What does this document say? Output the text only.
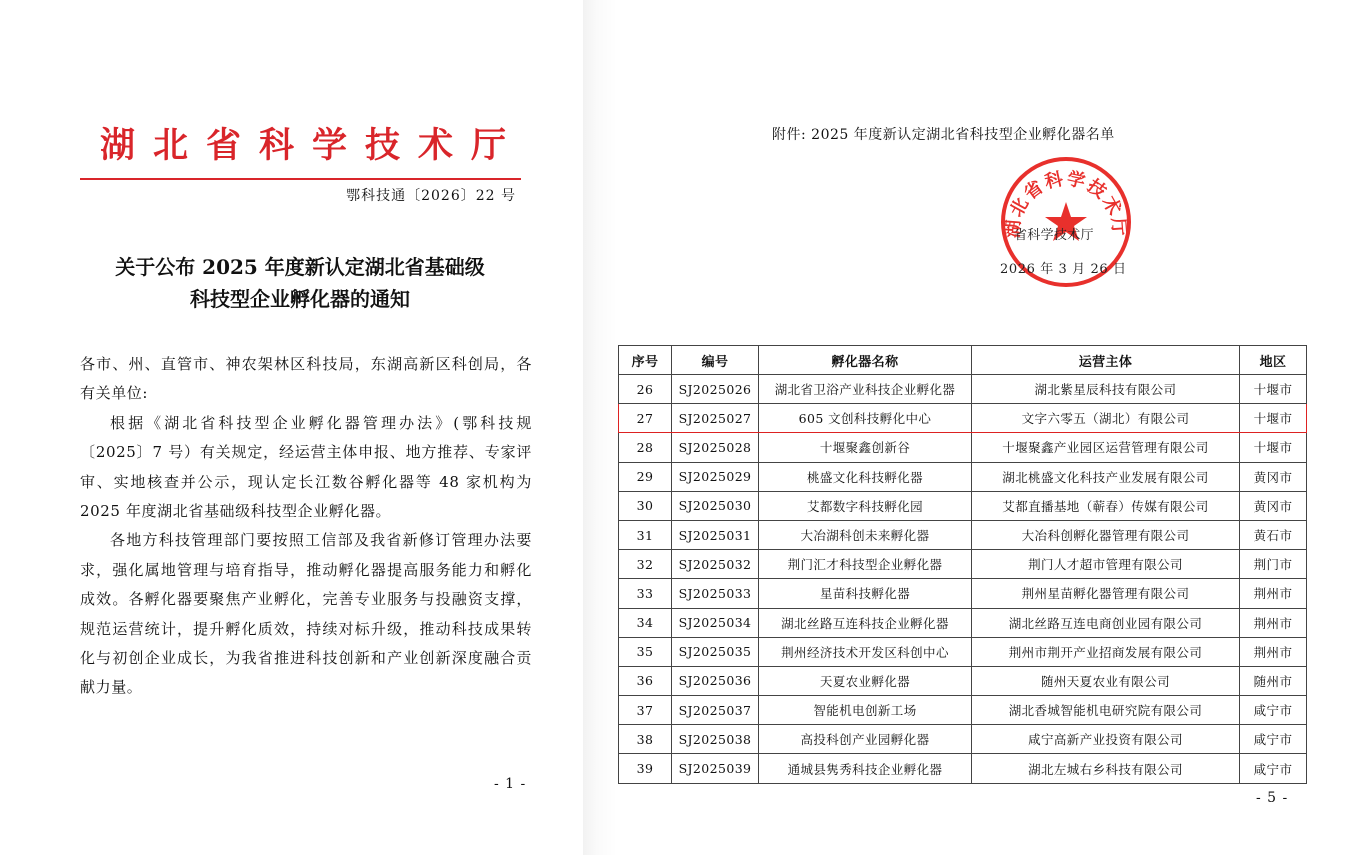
湖北省科学技术厅
鄂科技通〔2026〕22 号
关于公布 2025 年度新认定湖北省基础级
科技型企业孵化器的通知

各市、州、直管市、神农架林区科技局，东湖高新区科创局，各有关单位:

根据《湖北省科技型企业孵化器管理办法》(鄂科技规〔2025〕7 号）有关规定，经运营主体申报、地方推荐、专家评审、实地核查并公示，现认定长江数谷孵化器等 48 家机构为 2025 年度湖北省基础级科技型企业孵化器。

各地方科技管理部门要按照工信部及我省新修订管理办法要求，强化属地管理与培育指导，推动孵化器提高服务能力和孵化成效。各孵化器要聚焦产业孵化，完善专业服务与投融资支撑，规范运营统计，提升孵化质效，持续对标升级，推动科技成果转化与初创企业成长，为我省推进科技创新和产业创新深度融合贡献力量。

- 1 -
附件: 2025 年度新认定湖北省科技型企业孵化器名单
湖北省科学技术厅
省科学技术厅
2026 年 3 月 26 日
序号	编号	孵化器名称	运营主体	地区
26	SJ2025026	湖北省卫浴产业科技企业孵化器	湖北紫星辰科技有限公司	十堰市
27	SJ2025027	605 文创科技孵化中心	文字六零五（湖北）有限公司	十堰市
28	SJ2025028	十堰聚鑫创新谷	十堰聚鑫产业园区运营管理有限公司	十堰市
29	SJ2025029	桃盛文化科技孵化器	湖北桃盛文化科技产业发展有限公司	黄冈市
30	SJ2025030	艾都数字科技孵化园	艾都直播基地（蕲春）传媒有限公司	黄冈市
31	SJ2025031	大冶湖科创未来孵化器	大冶科创孵化器管理有限公司	黄石市
32	SJ2025032	荆门汇才科技型企业孵化器	荆门人才超市管理有限公司	荆门市
33	SJ2025033	星苗科技孵化器	荆州星苗孵化器管理有限公司	荆州市
34	SJ2025034	湖北丝路互连科技企业孵化器	湖北丝路互连电商创业园有限公司	荆州市
35	SJ2025035	荆州经济技术开发区科创中心	荆州市荆开产业招商发展有限公司	荆州市
36	SJ2025036	天夏农业孵化器	随州天夏农业有限公司	随州市
37	SJ2025037	智能机电创新工场	湖北香城智能机电研究院有限公司	咸宁市
38	SJ2025038	高投科创产业园孵化器	咸宁高新产业投资有限公司	咸宁市
39	SJ2025039	通城县隽秀科技企业孵化器	湖北左城右乡科技有限公司	咸宁市
- 5 -
